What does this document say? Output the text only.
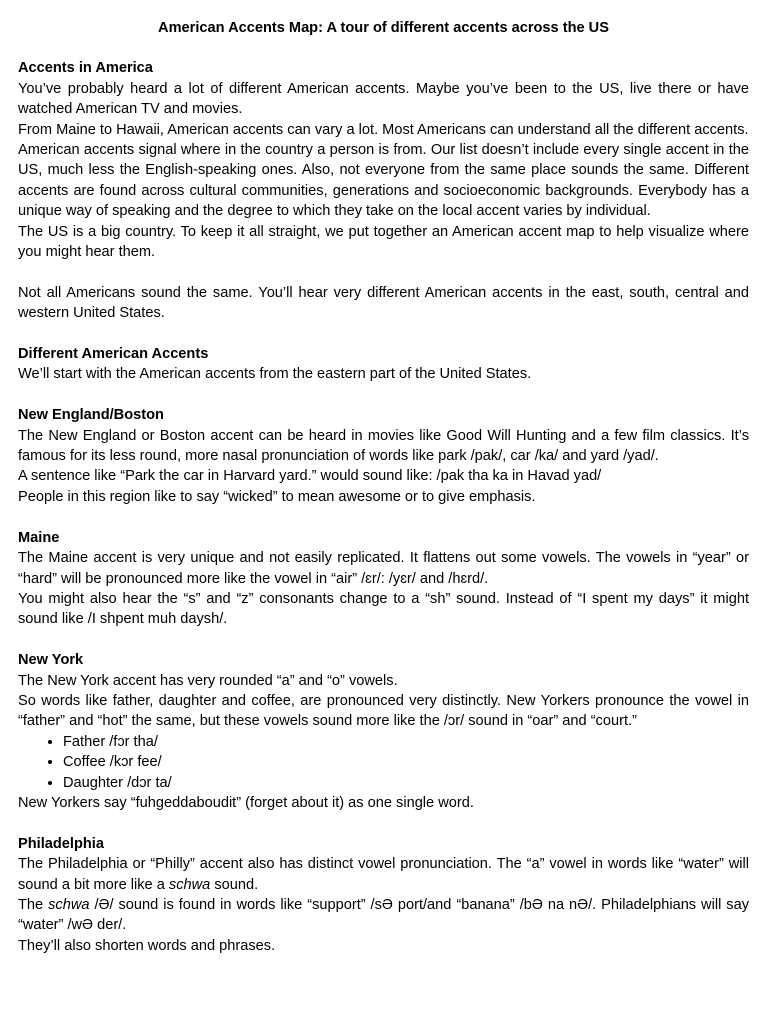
American Accents Map: A tour of different accents across the US
Accents in America

You’ve probably heard a lot of different American accents. Maybe you’ve been to the US, live there or have watched American TV and movies.

From Maine to Hawaii, American accents can vary a lot. Most Americans can understand all the different accents.

American accents signal where in the country a person is from. Our list doesn’t include every single accent in the US, much less the English-speaking ones. Also, not everyone from the same place sounds the same. Different accents are found across cultural communities, generations and socioeconomic backgrounds. Everybody has a unique way of speaking and the degree to which they take on the local accent varies by individual.

The US is a big country. To keep it all straight, we put together an American accent map to help visualize where you might hear them.

Not all Americans sound the same. You’ll hear very different American accents in the east, south, central and western United States.

Different American Accents

We’ll start with the American accents from the eastern part of the United States.

New England/Boston

The New England or Boston accent can be heard in movies like Good Will Hunting and a few film classics. It’s famous for its less round, more nasal pronunciation of words like park /pak/, car /ka/ and yard /yad/.

A sentence like “Park the car in Harvard yard.” would sound like: /pak tha ka in Havad yad/

People in this region like to say “wicked” to mean awesome or to give emphasis.

Maine

The Maine accent is very unique and not easily replicated. It flattens out some vowels. The vowels in “year” or “hard” will be pronounced more like the vowel in “air” /ɛr/: /yɛr/ and /hɛrd/.

You might also hear the “s” and “z” consonants change to a “sh” sound. Instead of “I spent my days” it might sound like /I shpent muh daysh/.

New York

The New York accent has very rounded “a” and “o” vowels.

So words like father, daughter and coffee, are pronounced very distinctly. New Yorkers pronounce the vowel in “father” and “hot” the same, but these vowels sound more like the /ɔr/ sound in “oar” and “court.”

• Father /fɔr tha/
• Coffee /kɔr fee/
• Daughter /dɔr ta/

New Yorkers say “fuhgeddaboudit” (forget about it) as one single word.

Philadelphia

The Philadelphia or “Philly” accent also has distinct vowel pronunciation. The “a” vowel in words like “water” will sound a bit more like a schwa sound.

The schwa /Ə/ sound is found in words like “support” /sƏ port/and “banana” /bƏ na nƏ/. Philadelphians will say “water” /wƏ der/.

They’ll also shorten words and phrases.
